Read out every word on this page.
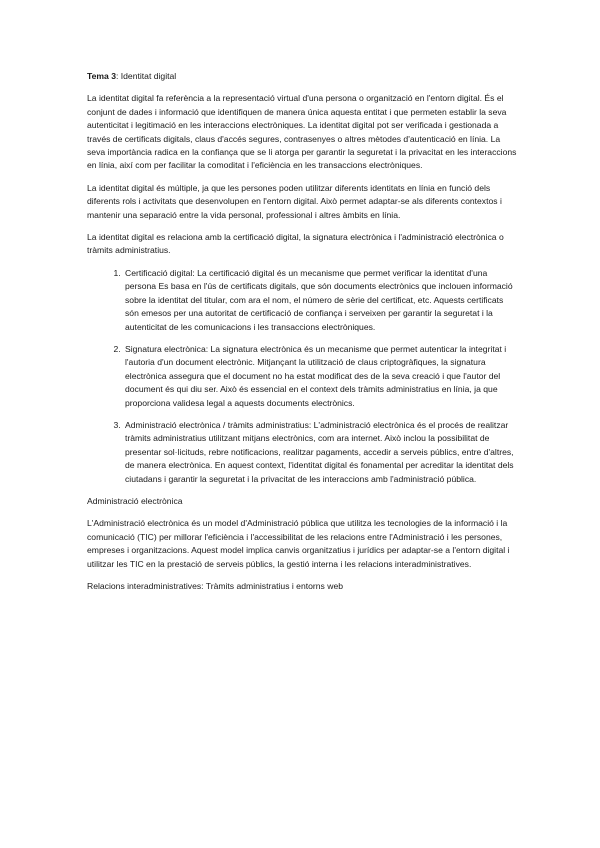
Tema 3: Identitat digital

La identitat digital fa referència a la representació virtual d'una persona o organització en l'entorn digital. És el conjunt de dades i informació que identifiquen de manera única aquesta entitat i que permeten establir la seva autenticitat i legitimació en les interaccions electròniques. La identitat digital pot ser verificada i gestionada a través de certificats digitals, claus d'accés segures, contrasenyes o altres mètodes d'autenticació en línia. La seva importància radica en la confiança que se li atorga per garantir la seguretat i la privacitat en les interaccions en línia, així com per facilitar la comoditat i l'eficiència en les transaccions electròniques.

La identitat digital és múltiple, ja que les persones poden utilitzar diferents identitats en línia en funció dels diferents rols i activitats que desenvolupen en l'entorn digital. Això permet adaptar-se als diferents contextos i mantenir una separació entre la vida personal, professional i altres àmbits en línia.

La identitat digital es relaciona amb la certificació digital, la signatura electrònica i l'administració electrònica o tràmits administratius.

1. Certificació digital: La certificació digital és un mecanisme que permet verificar la identitat d'una persona Es basa en l'ús de certificats digitals, que són documents electrònics que inclouen informació sobre la identitat del titular, com ara el nom, el número de sèrie del certificat, etc. Aquests certificats són emesos per una autoritat de certificació de confiança i serveixen per garantir la seguretat i la autenticitat de les comunicacions i les transaccions electròniques.
2. Signatura electrònica: La signatura electrònica és un mecanisme que permet autenticar la integritat i l'autoria d'un document electrònic. Mitjançant la utilització de claus criptogràfiques, la signatura electrònica assegura que el document no ha estat modificat des de la seva creació i que l'autor del document és qui diu ser. Això és essencial en el context dels tràmits administratius en línia, ja que proporciona validesa legal a aquests documents electrònics.
3. Administració electrònica / tràmits administratius: L'administració electrònica és el procés de realitzar tràmits administratius utilitzant mitjans electrònics, com ara internet. Això inclou la possibilitat de presentar sol·licituds, rebre notificacions, realitzar pagaments, accedir a serveis públics, entre d'altres, de manera electrònica. En aquest context, l'identitat digital és fonamental per acreditar la identitat dels ciutadans i garantir la seguretat i la privacitat de les interaccions amb l'administració pública.
Administració electrònica

L'Administració electrònica és un model d'Administració pública que utilitza les tecnologies de la informació i la comunicació (TIC) per millorar l'eficiència i l'accessibilitat de les relacions entre l'Administració i les persones, empreses i organitzacions. Aquest model implica canvis organitzatius i jurídics per adaptar-se a l'entorn digital i utilitzar les TIC en la prestació de serveis públics, la gestió interna i les relacions interadministratives.

Relacions interadministratives: Tràmits administratius i entorns web
